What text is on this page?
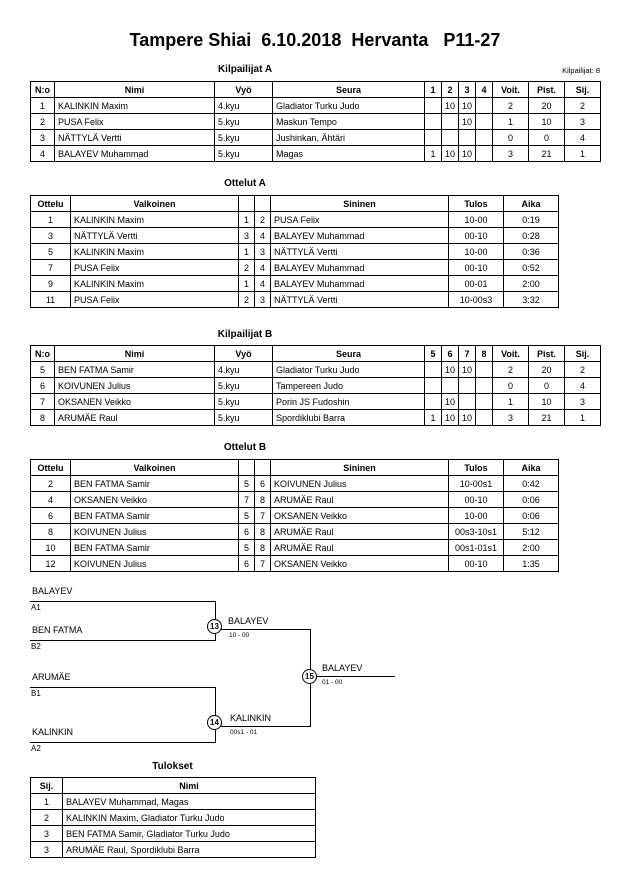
Tampere Shiai  6.10.2018  Hervanta   P11-27
Kilpailijat A	Kilpailijat: 8
N:o	Nimi	Vyö	Seura	1	2	3	4	Voit.	Pist.	Sij.
1	KALINKIN Maxim	4.kyu	Gladiator Turku Judo		10	10		2	20	2
2	PUSA Felix	5.kyu	Maskun Tempo			10		1	10	3
3	NÄTTYLÄ Vertti	5.kyu	Jushinkan, Ähtäri					0	0	4
4	BALAYEV Muhammad	5.kyu	Magas	1	10	10		3	21	1
Ottelut A
Ottelu	Valkoinen			Sininen	Tulos	Aika
1	KALINKIN Maxim	1	2	PUSA Felix	10-00	0:19
3	NÄTTYLÄ Vertti	3	4	BALAYEV Muhammad	00-10	0:28
5	KALINKIN Maxim	1	3	NÄTTYLÄ Vertti	10-00	0:36
7	PUSA Felix	2	4	BALAYEV Muhammad	00-10	0:52
9	KALINKIN Maxim	1	4	BALAYEV Muhammad	00-01	2:00
11	PUSA Felix	2	3	NÄTTYLÄ Vertti	10-00s3	3:32
Kilpailijat B
N:o	Nimi	Vyö	Seura	5	6	7	8	Voit.	Pist.	Sij.
5	BEN FATMA Samir	4.kyu	Gladiator Turku Judo		10	10		2	20	2
6	KOIVUNEN Julius	5.kyu	Tampereen Judo					0	0	4
7	OKSANEN Veikko	5.kyu	Porin JS Fudoshin		10			1	10	3
8	ARUMÄE Raul	5.kyu	Spordiklubi Barra	1	10	10		3	21	1
Ottelut B
Ottelu	Valkoinen			Sininen	Tulos	Aika
2	BEN FATMA Samir	5	6	KOIVUNEN Julius	10-00s1	0:42
4	OKSANEN Veikko	7	8	ARUMÄE Raul	00-10	0:06
6	BEN FATMA Samir	5	7	OKSANEN Veikko	10-00	0:06
8	KOIVUNEN Julius	6	8	ARUMÄE Raul	00s3-10s1	5:12
10	BEN FATMA Samir	5	8	ARUMÄE Raul	00s1-01s1	2:00
12	KOIVUNEN Julius	6	7	OKSANEN Veikko	00-10	1:35
BALAYEV
A1
BEN FATMA
B2
BALAYEV
10 - 00
13
ARUMÄE
B1
KALINKIN
A2
KALINKIN
00s1 - 01
14
BALAYEV
01 - 00
15
Tulokset
Sij.	Nimi
1	BALAYEV Muhammad, Magas
2	KALINKIN Maxim, Gladiator Turku Judo
3	BEN FATMA Samir, Gladiator Turku Judo
3	ARUMÄE Raul, Spordiklubi Barra
